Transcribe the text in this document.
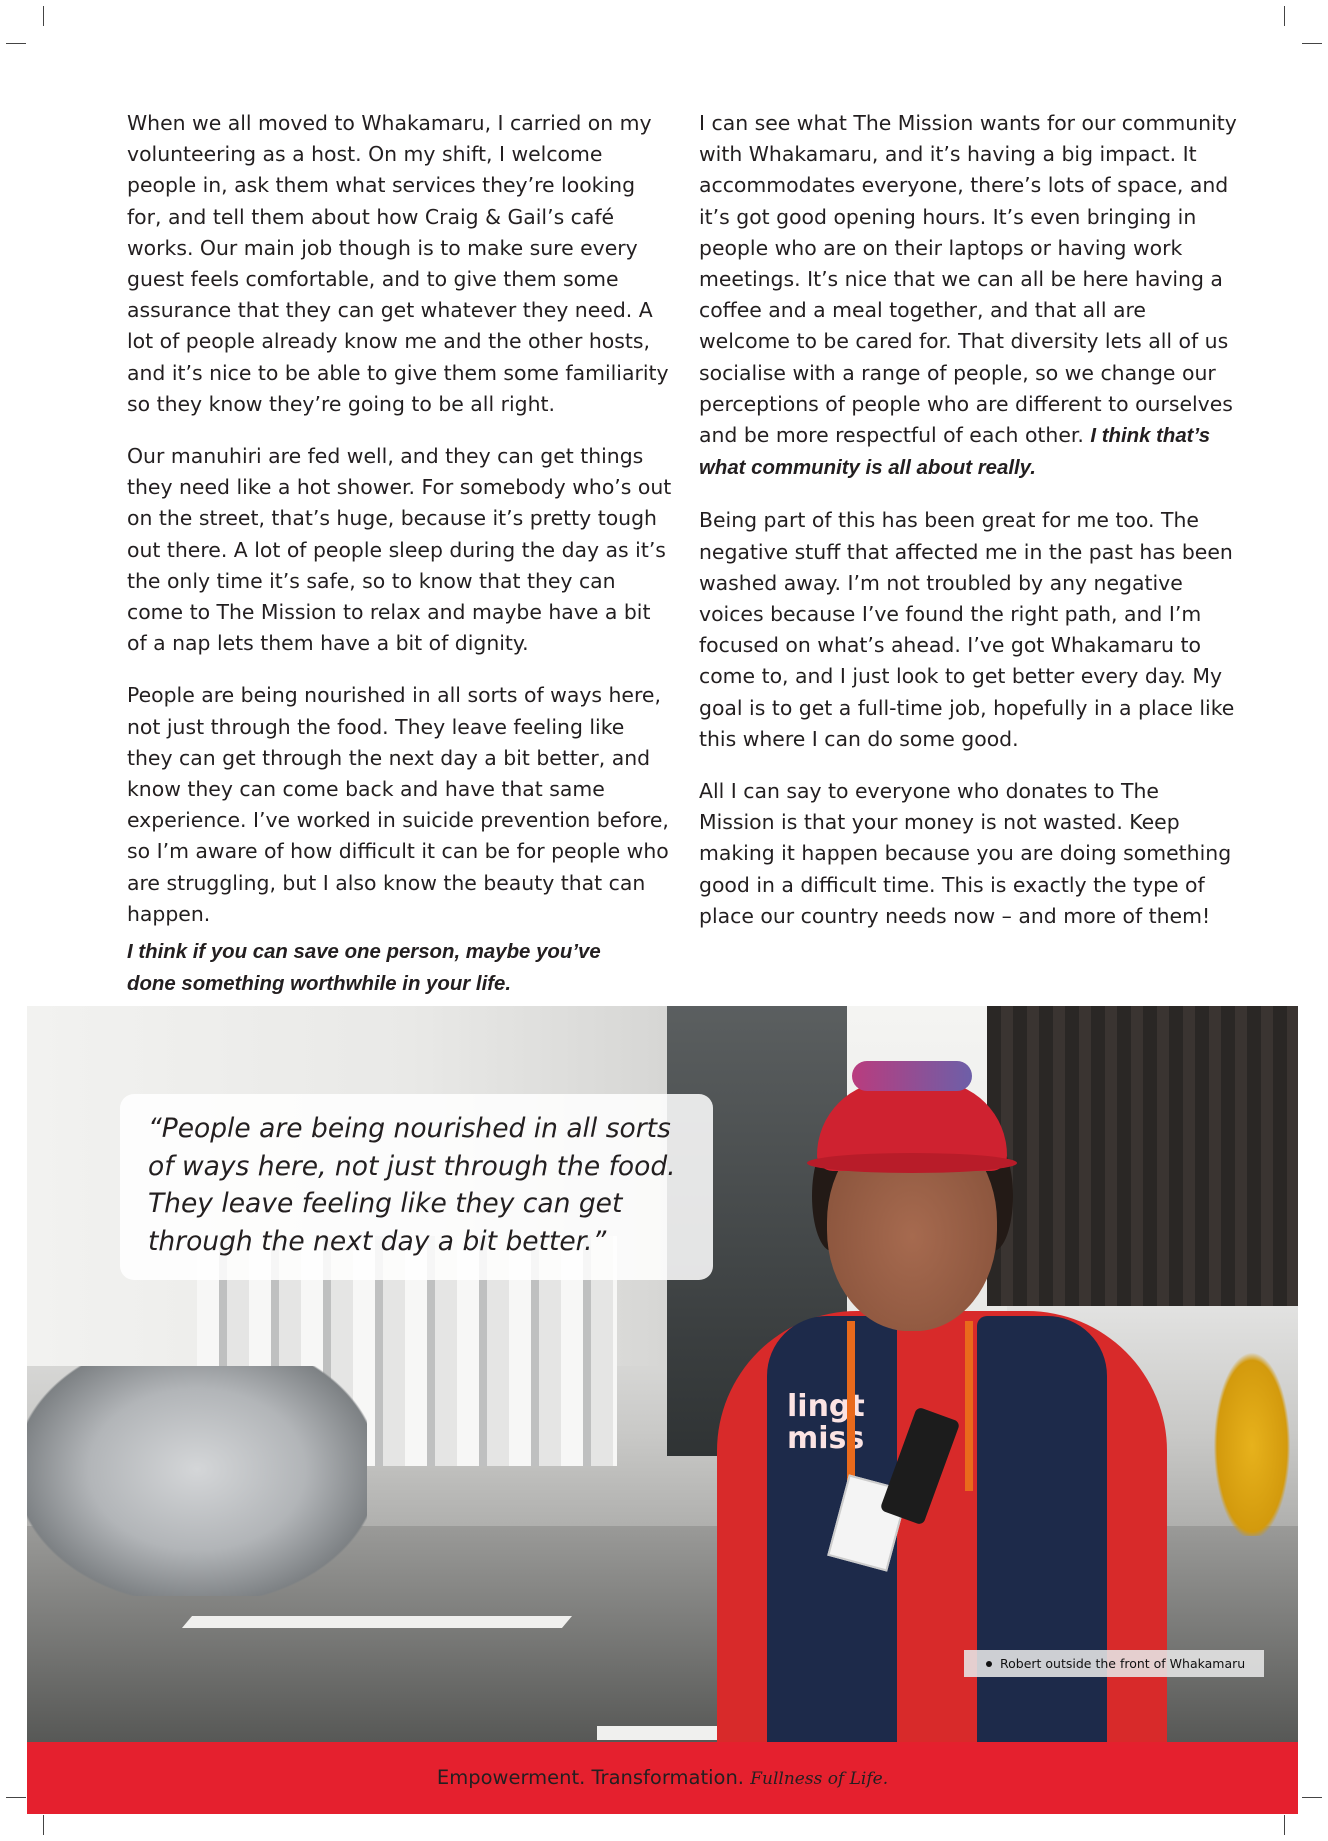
When we all moved to Whakamaru, I carried on my volunteering as a host. On my shift, I welcome people in, ask them what services they’re looking for, and tell them about how Craig & Gail’s café works. Our main job though is to make sure every guest feels comfortable, and to give them some assurance that they can get whatever they need. A lot of people already know me and the other hosts, and it’s nice to be able to give them some familiarity so they know they’re going to be all right.

Our manuhiri are fed well, and they can get things they need like a hot shower. For somebody who’s out on the street, that’s huge, because it’s pretty tough out there. A lot of people sleep during the day as it’s the only time it’s safe, so to know that they can come to The Mission to relax and maybe have a bit of a nap lets them have a bit of dignity.

People are being nourished in all sorts of ways here, not just through the food. They leave feeling like they can get through the next day a bit better, and know they can come back and have that same experience. I’ve worked in suicide prevention before, so I’m aware of how difficult it can be for people who are struggling, but I also know the beauty that can happen.

I think if you can save one person, maybe you’ve done something worthwhile in your life.

I can see what The Mission wants for our community with Whakamaru, and it’s having a big impact. It accommodates everyone, there’s lots of space, and it’s got good opening hours. It’s even bringing in people who are on their laptops or having work meetings. It’s nice that we can all be here having a coffee and a meal together, and that all are welcome to be cared for. That diversity lets all of us socialise with a range of people, so we change our perceptions of people who are different to ourselves and be more respectful of each other. I think that’s what community is all about really.

Being part of this has been great for me too. The negative stuff that affected me in the past has been washed away. I’m not troubled by any negative voices because I’ve found the right path, and I’m focused on what’s ahead. I’ve got Whakamaru to come to, and I just look to get better every day. My goal is to get a full-time job, hopefully in a place like this where I can do some good.

All I can say to everyone who donates to The Mission is that your money is not wasted. Keep making it happen because you are doing something good in a difficult time. This is exactly the type of place our country needs now – and more of them!

lingt
miss
“People are being nourished in all sorts of ways here, not just through the food. They leave feeling like they can get through the next day a bit better.”
Robert outside the front of Whakamaru
Empowerment. Transformation. Fullness of Life.
